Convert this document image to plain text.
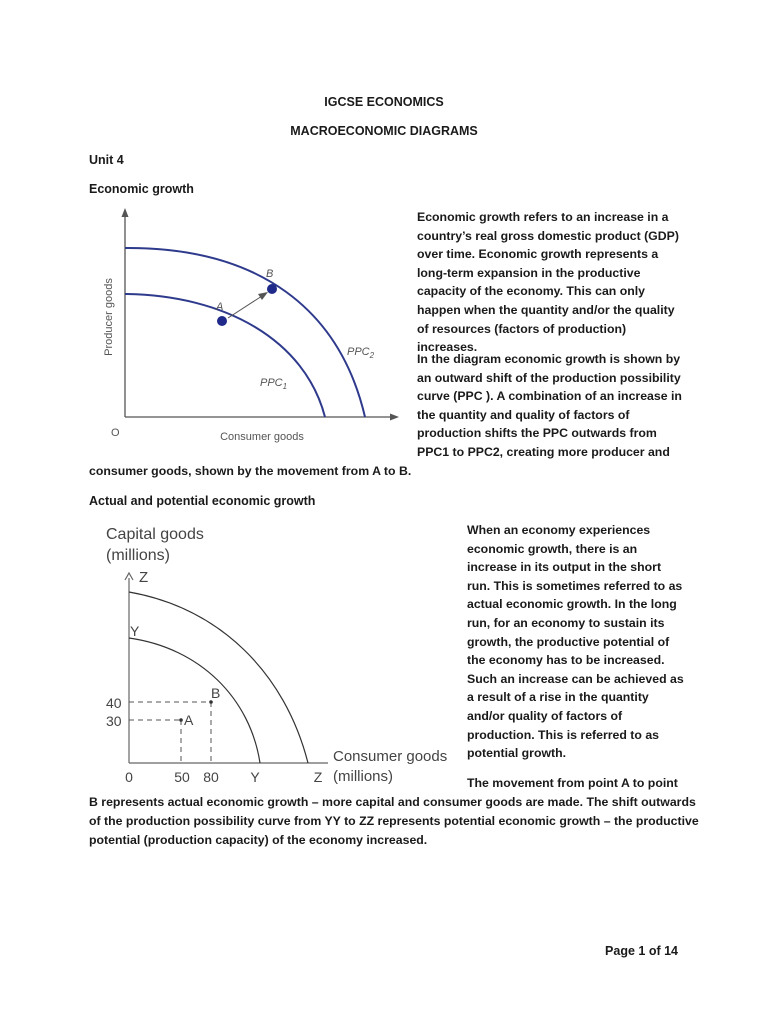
IGCSE ECONOMICS
MACROECONOMIC DIAGRAMS
Unit 4
Economic growth
A
B
$PPC_1$
$PPC_2$
Producer goods
Consumer goods
O
Economic growth refers to an increase in a country’s real gross domestic product (GDP) over time. Economic growth represents a long-term expansion in the productive capacity of the economy. This can only happen when the quantity and/or the quality of resources (factors of production) increases.
In the diagram economic growth is shown by an outward shift of the production possibility curve (PPC ). A combination of an increase in the quantity and quality of factors of production shifts the PPC outwards from PPC1 to PPC2, creating more producer and
consumer goods, shown by the movement from A to B.
Actual and potential economic growth
Capital goods
(millions)
Z
Y
A
B
40
30
0	50 80 Y	Z
Consumer goods
(millions)
When an economy experiences economic growth, there is an increase in its output in the short run. This is sometimes referred to as actual economic growth. In the long run, for an economy to sustain its growth, the productive potential of the economy has to be increased. Such an increase can be achieved as a result of a rise in the quantity and/or quality of factors of production. This is referred to as potential growth.
The movement from point A to point
B represents actual economic growth – more capital and consumer goods are made. The shift outwards
of the production possibility curve from YY to ZZ represents potential economic growth – the productive
potential (production capacity) of the economy increased.
Page 1 of 14
